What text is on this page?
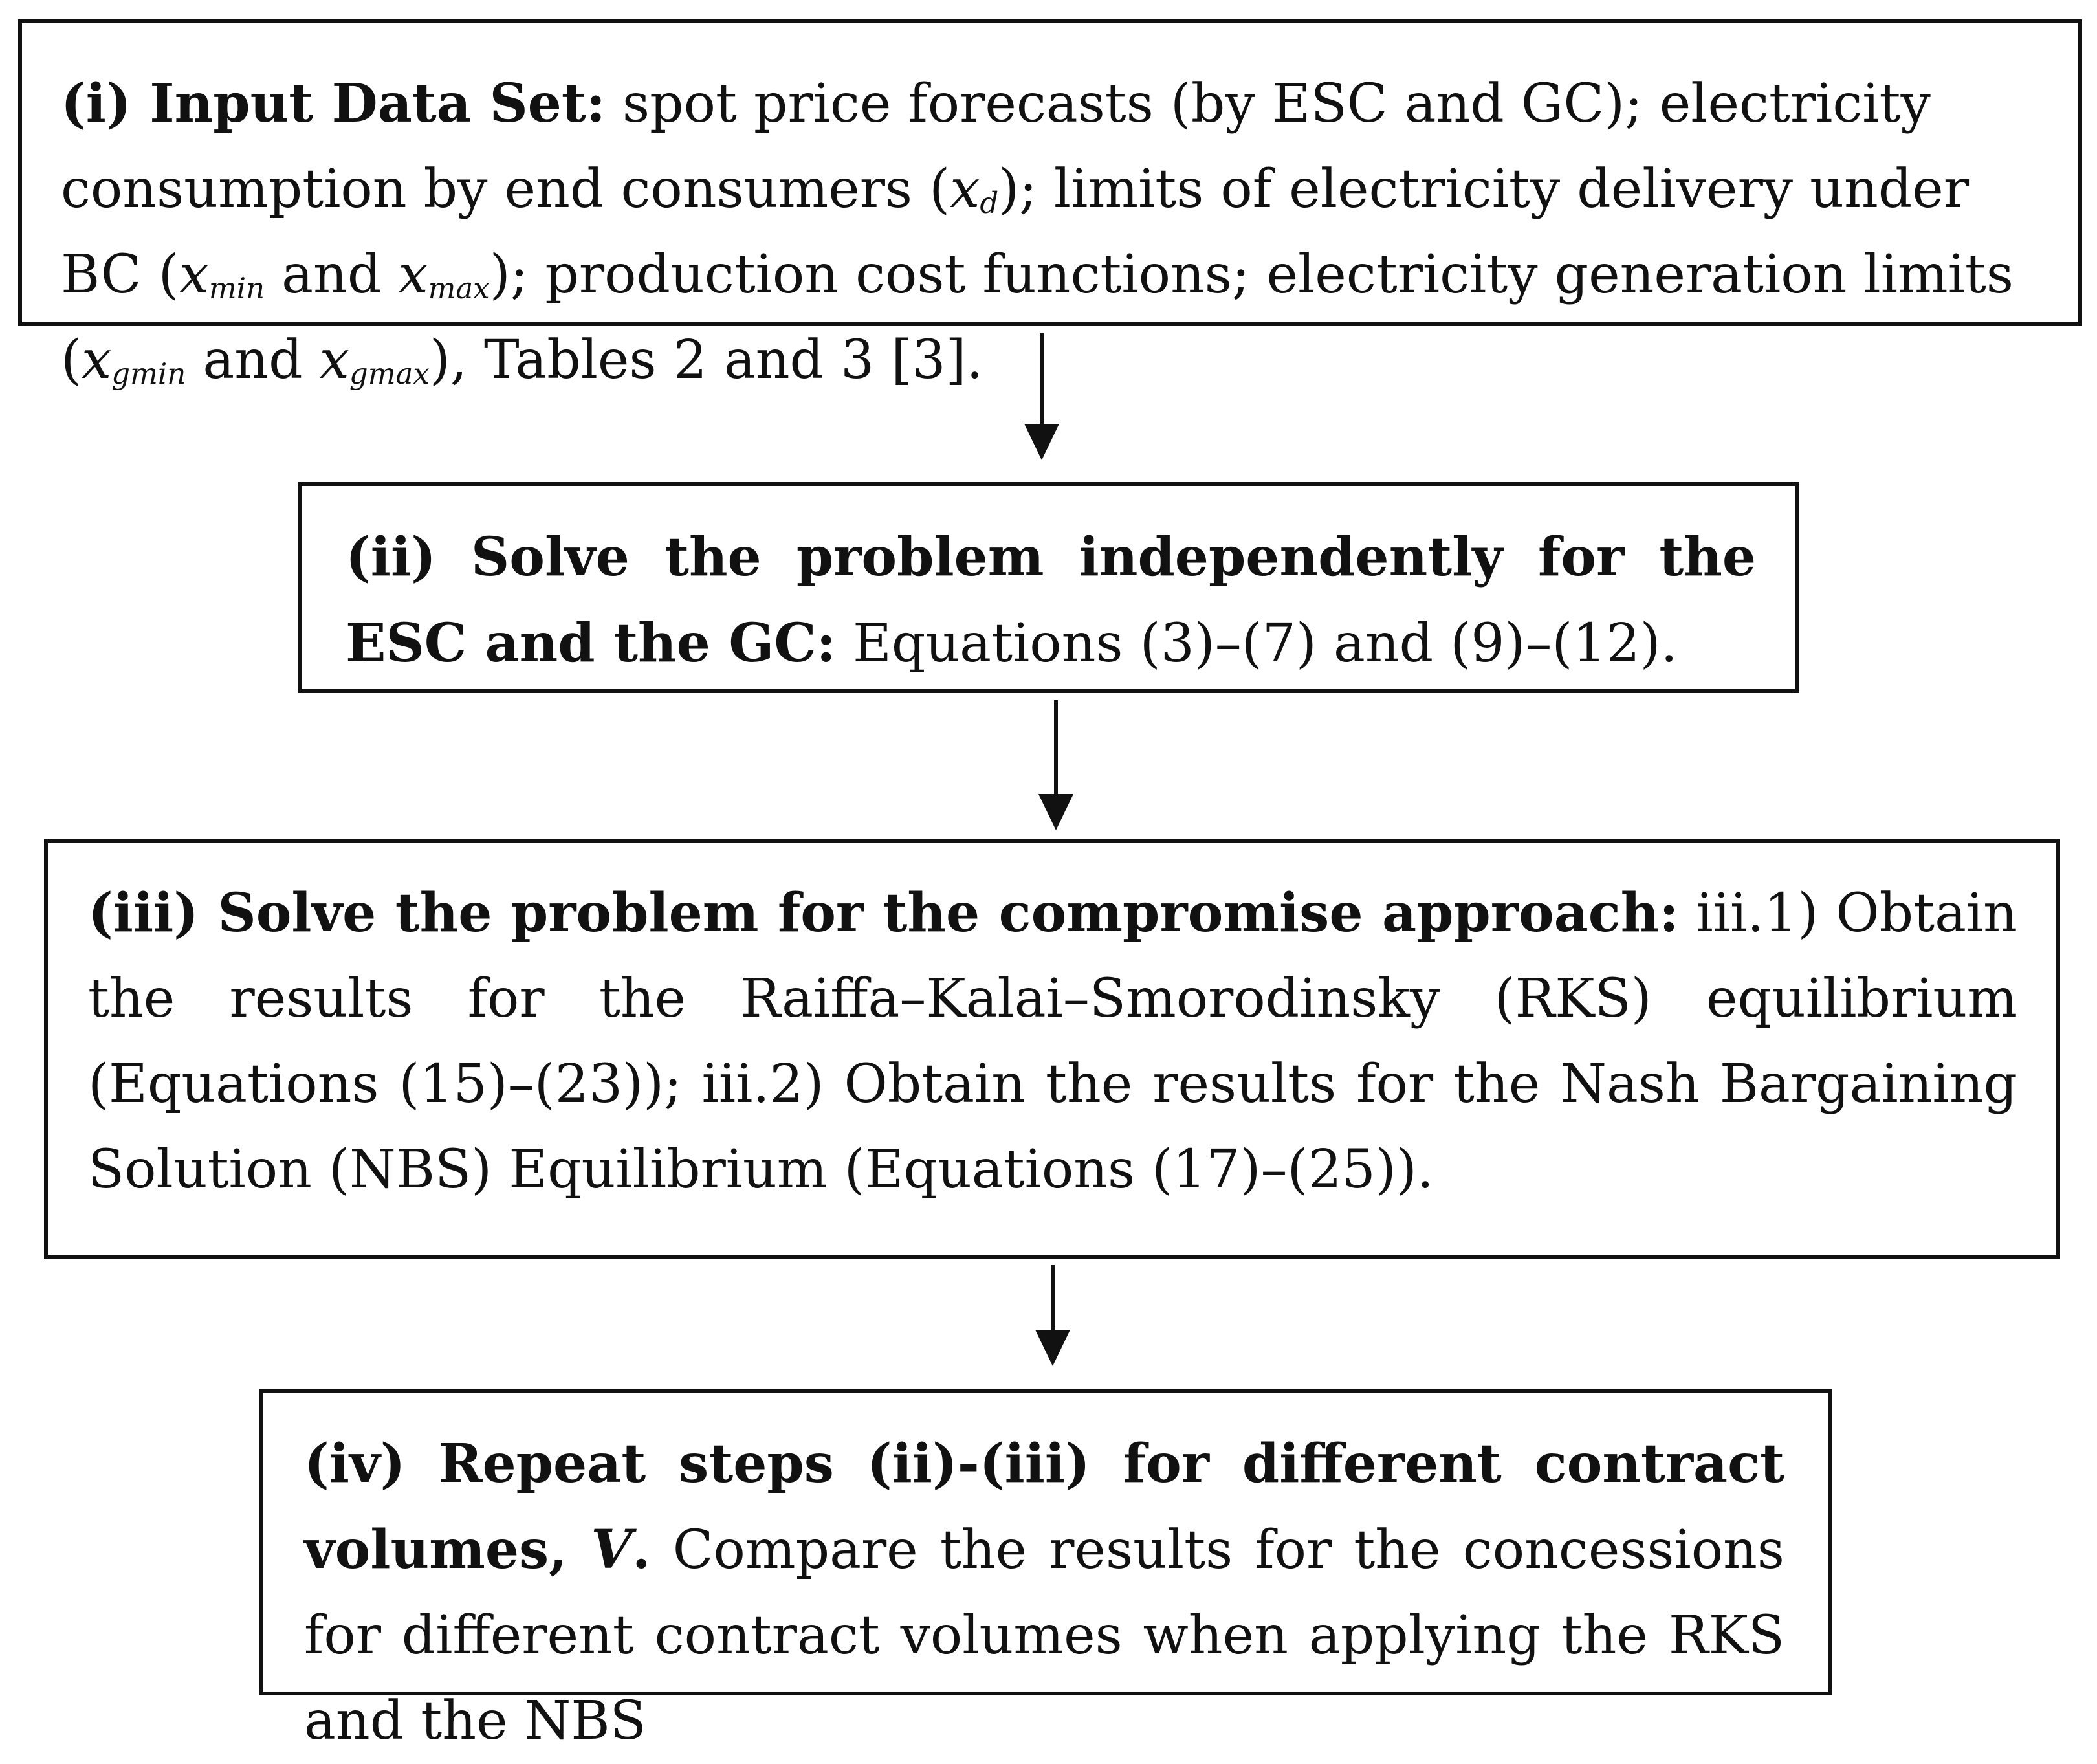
(i) Input Data Set: spot price forecasts (by ESC and GC); electricity consumption by end consumers $(x_d)$; limits of electricity delivery under BC ($x_{min}$ and $x_{max}$); production cost functions; electricity generation limits ($x_{gmin}$ and $x_{gmax}$), Tables 2 and 3 [3].

(ii) Solve the problem independently for the ESC and the GC: Equations (3)–(7) and (9)–(12).

(iii) Solve the problem for the compromise approach: iii.1) Obtain the results for the Raiffa–Kalai–Smorodinsky (RKS) equilibrium (Equations (15)–(23)); iii.2) Obtain the results for the Nash Bargaining Solution (NBS) Equilibrium (Equations (17)–(25)).

(iv) Repeat steps (ii)-(iii) for different contract volumes, V. Compare the results for the concessions for different contract volumes when applying the RKS and the NBS
